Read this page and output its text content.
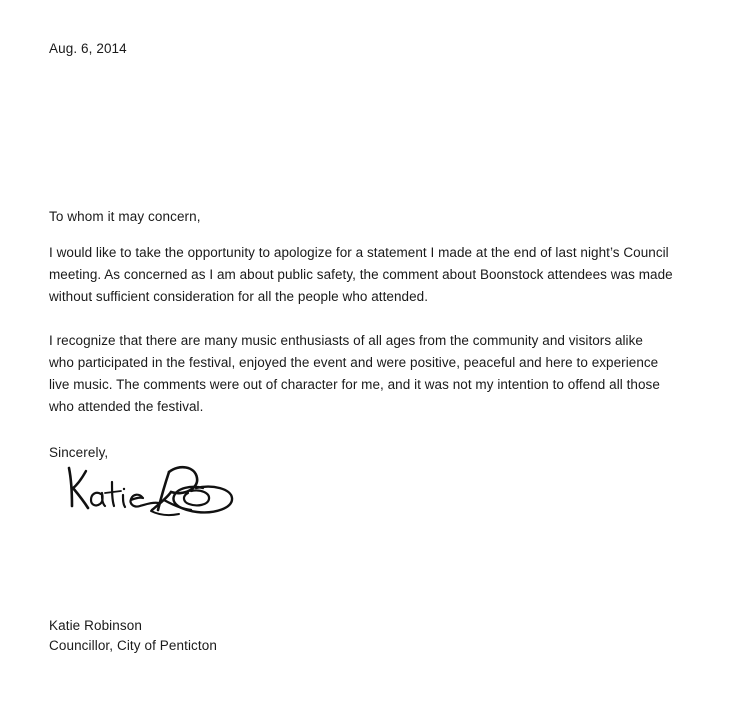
Aug. 6, 2014
To whom it may concern,

I would like to take the opportunity to apologize for a statement I made at the end of last night’s Council meeting. As concerned as I am about public safety, the comment about Boonstock attendees was made without sufficient consideration for all the people who attended.

I recognize that there are many music enthusiasts of all ages from the community and visitors alike who participated in the festival, enjoyed the event and were positive, peaceful and here to experience live music. The comments were out of character for me, and it was not my intention to offend all those who attended the festival.

Sincerely,
Katie Robinson
Councillor, City of Penticton
